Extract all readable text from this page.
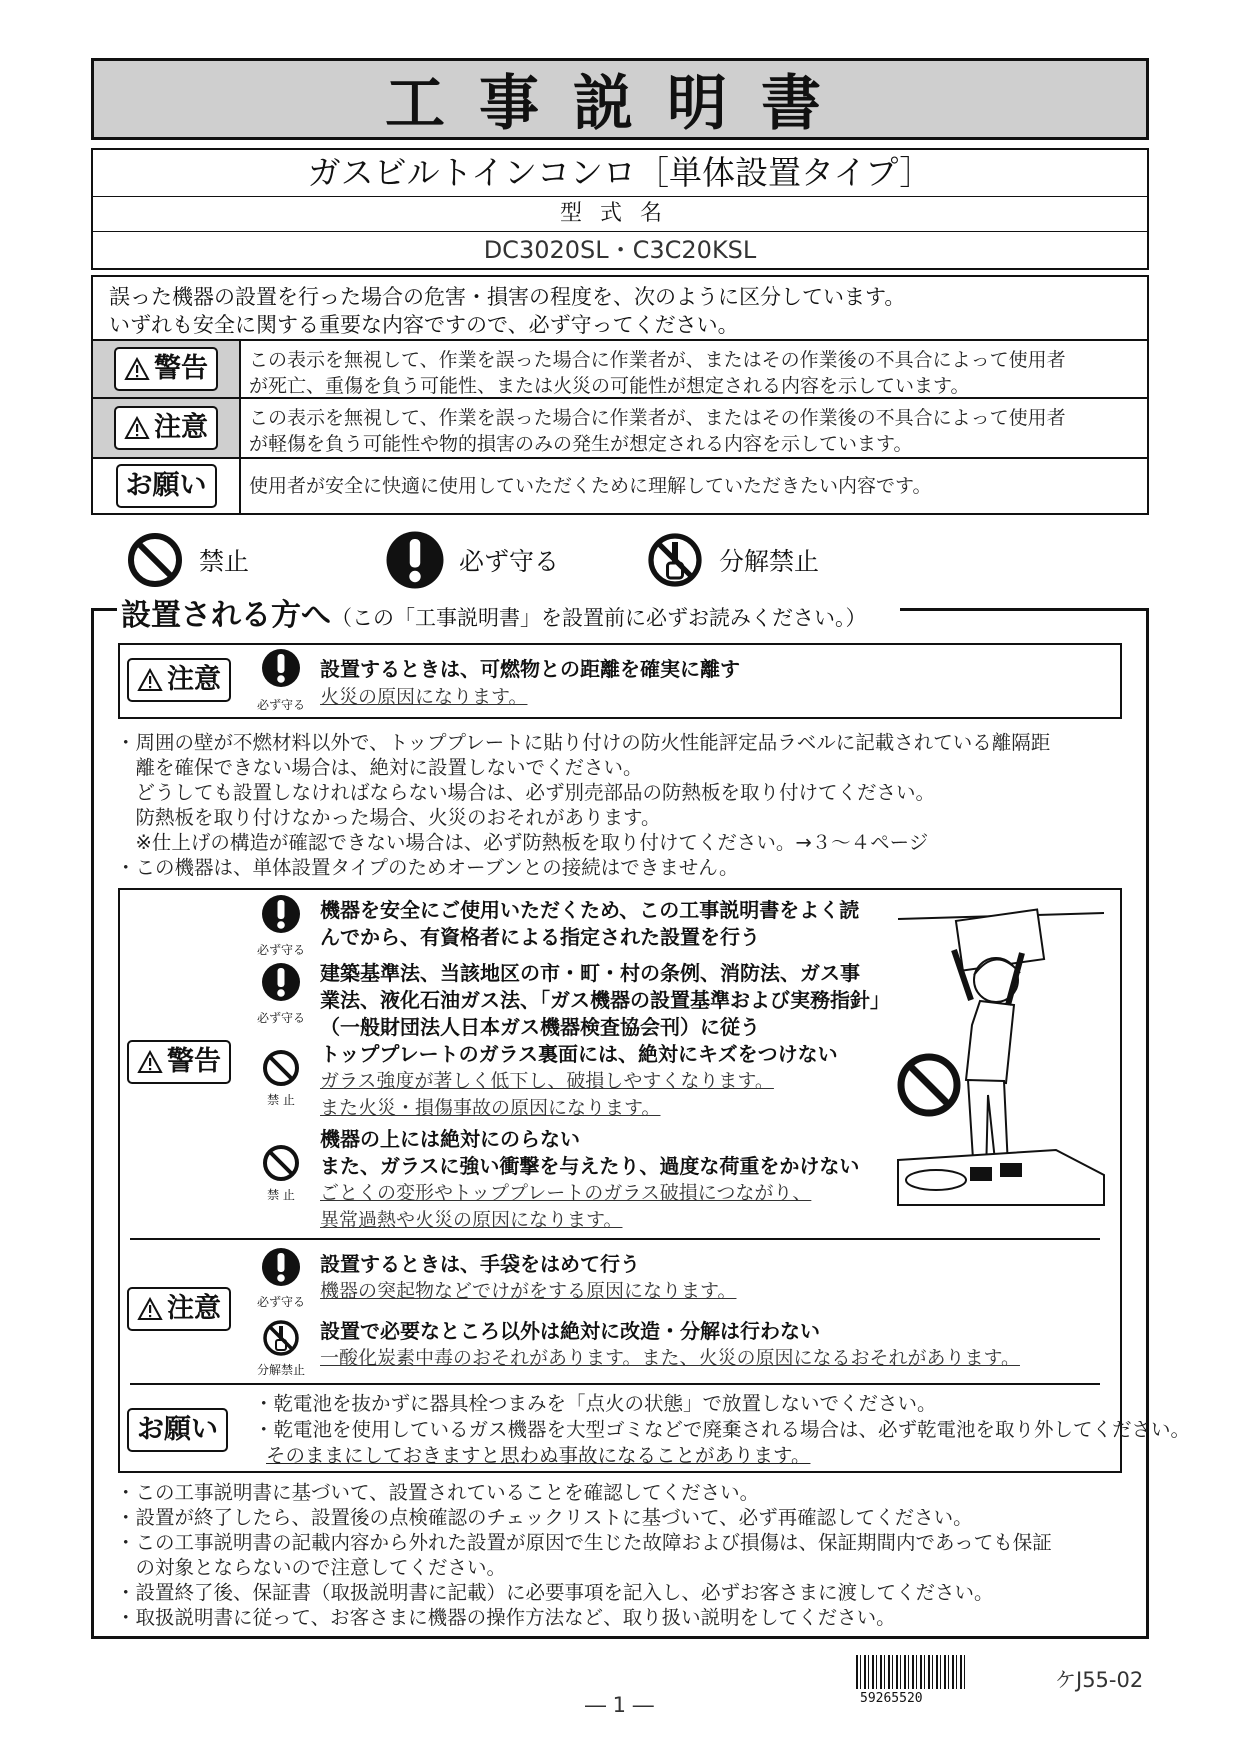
工事説明書
ガスビルトインコンロ［単体設置タイプ］
型式名
DC3020SL・C3C20KSL
誤った機器の設置を行った場合の危害・損害の程度を、次のように区分しています。
いずれも安全に関する重要な内容ですので、必ず守ってください。
警告 この表示を無視して、作業を誤った場合に作業者が、またはその作業後の不具合によって使用者
が死亡、重傷を負う可能性、または火災の可能性が想定される内容を示しています。
注意 この表示を無視して、作業を誤った場合に作業者が、またはその作業後の不具合によって使用者
が軽傷を負う可能性や物的損害のみの発生が想定される内容を示しています。
お願い	使用者が安全に快適に使用していただくために理解していただきたい内容です。
禁止	必ず守る	分解禁止
設置される方へ（この「工事説明書」を設置前に必ずお読みください。）
注意
必ず守る
設置するときは、可燃物との距離を確実に離す
火災の原因になります。
・周囲の壁が不燃材料以外で、トッププレートに貼り付けの防火性能評定品ラベルに記載されている離隔距
　離を確保できない場合は、絶対に設置しないでください。
　どうしても設置しなければならない場合は、必ず別売部品の防熱板を取り付けてください。
　防熱板を取り付けなかった場合、火災のおそれがあります。
　※仕上げの構造が確認できない場合は、必ず防熱板を取り付けてください。→３～４ページ
・この機器は、単体設置タイプのためオーブンとの接続はできません。
警告
必ず守る
機器を安全にご使用いただくため、この工事説明書をよく読
んでから、有資格者による指定された設置を行う
必ず守る
建築基準法、当該地区の市・町・村の条例、消防法、ガス事
業法、液化石油ガス法、「ガス機器の設置基準および実務指針」
（一般財団法人日本ガス機器検査協会刊）に従う
禁 止
トッププレートのガラス裏面には、絶対にキズをつけない
ガラス強度が著しく低下し、破損しやすくなります。
また火災・損傷事故の原因になります。
禁 止
機器の上には絶対にのらない
また、ガラスに強い衝撃を与えたり、過度な荷重をかけない
ごとくの変形やトッププレートのガラス破損につながり、
異常過熱や火災の原因になります。
注意	必ず守る
設置するときは、手袋をはめて行う
機器の突起物などでけがをする原因になります。
分解禁止
設置で必要なところ以外は絶対に改造・分解は行わない
一酸化炭素中毒のおそれがあります。また、火災の原因になるおそれがあります。
お願い
・乾電池を抜かずに器具栓つまみを「点火の状態」で放置しないでください。
・乾電池を使用しているガス機器を大型ゴミなどで廃棄される場合は、必ず乾電池を取り外してください。
そのままにしておきますと思わぬ事故になることがあります。
・この工事説明書に基づいて、設置されていることを確認してください。
・設置が終了したら、設置後の点検確認のチェックリストに基づいて、必ず再確認してください。
・この工事説明書の記載内容から外れた設置が原因で生じた故障および損傷は、保証期間内であっても保証
　の対象とならないので注意してください。
・設置終了後、保証書（取扱説明書に記載）に必要事項を記入し、必ずお客さまに渡してください。
・取扱説明書に従って、お客さまに機器の操作方法など、取り扱い説明をしてください。
59265520
ケJ55-02
― 1 ―
